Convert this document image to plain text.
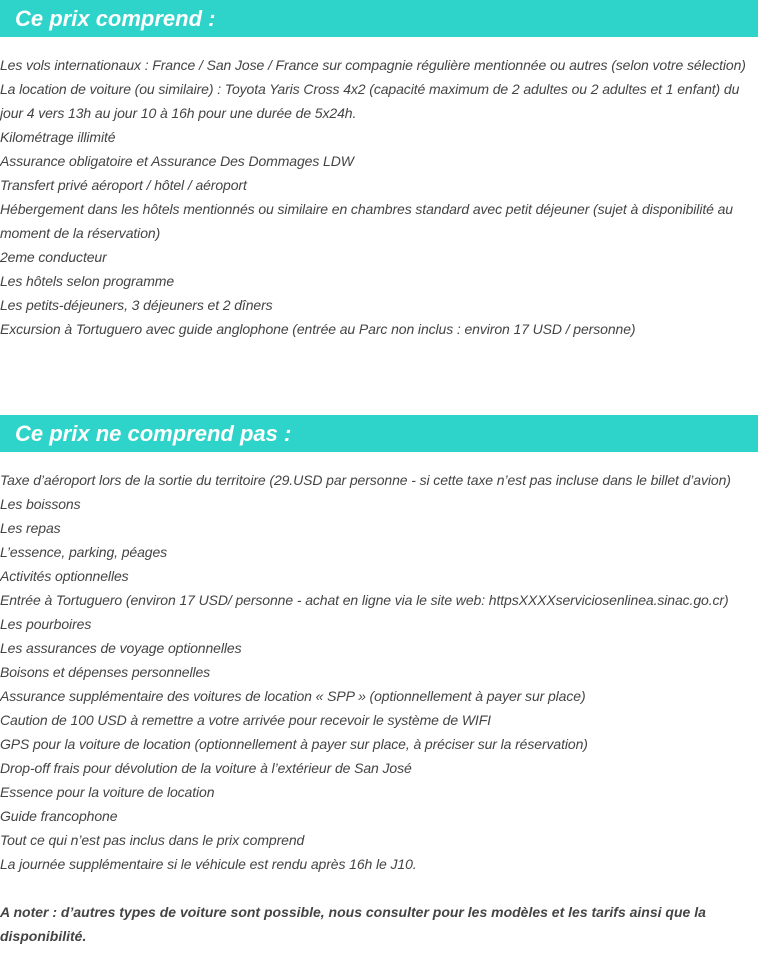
Ce prix comprend :
Les vols internationaux : France / San Jose / France sur compagnie régulière mentionnée ou autres (selon votre sélection)
La location de voiture (ou similaire) : Toyota Yaris Cross 4x2 (capacité maximum de 2 adultes ou 2 adultes et 1 enfant) du jour 4 vers 13h au jour 10 à 16h pour une durée de 5x24h.
Kilométrage illimité
Assurance obligatoire et Assurance Des Dommages LDW
Transfert privé aéroport / hôtel / aéroport
Hébergement dans les hôtels mentionnés ou similaire en chambres standard avec petit déjeuner (sujet à disponibilité au moment de la réservation)
2eme conducteur
Les hôtels selon programme
Les petits-déjeuners, 3 déjeuners et 2 dîners
Excursion à Tortuguero avec guide anglophone (entrée au Parc non inclus : environ 17 USD / personne)
Ce prix ne comprend pas :
Taxe d’aéroport lors de la sortie du territoire (29.USD par personne - si cette taxe n’est pas incluse dans le billet d’avion)
Les boissons
Les repas
L’essence, parking, péages
Activités optionnelles
Entrée à Tortuguero (environ 17 USD/ personne - achat en ligne via le site web: httpsXXXXserviciosenlinea.sinac.go.cr)
Les pourboires
Les assurances de voyage optionnelles
Boisons et dépenses personnelles
Assurance supplémentaire des voitures de location « SPP » (optionnellement à payer sur place)
Caution de 100 USD à remettre a votre arrivée pour recevoir le système de WIFI
GPS pour la voiture de location (optionnellement à payer sur place, à préciser sur la réservation)
Drop-off frais pour dévolution de la voiture à l’extérieur de San José
Essence pour la voiture de location
Guide francophone
Tout ce qui n’est pas inclus dans le prix comprend
La journée supplémentaire si le véhicule est rendu après 16h le J10.

A noter : d’autres types de voiture sont possible, nous consulter pour les modèles et les tarifs ainsi que la disponibilité.
